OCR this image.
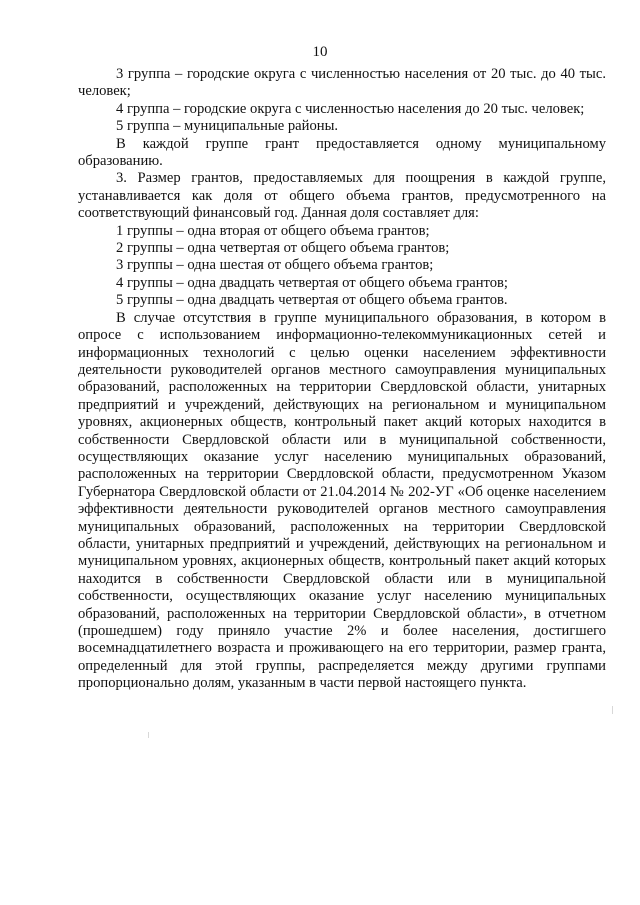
10

3 группа – городские округа с численностью населения от 20 тыс. до 40 тыс. человек;

4 группа – городские округа с численностью населения до 20 тыс. человек;

5 группа – муниципальные районы.

В каждой группе грант предоставляется одному муниципальному образованию.

3. Размер грантов, предоставляемых для поощрения в каждой группе, устанавливается как доля от общего объема грантов, предусмотренного на соответствующий финансовый год. Данная доля составляет для:

1 группы – одна вторая от общего объема грантов;

2 группы – одна четвертая от общего объема грантов;

3 группы – одна шестая от общего объема грантов;

4 группы – одна двадцать четвертая от общего объема грантов;

5 группы – одна двадцать четвертая от общего объема грантов.

В случае отсутствия в группе муниципального образования, в котором в опросе с использованием информационно-телекоммуникационных сетей и информационных технологий с целью оценки населением эффективности деятельности руководителей органов местного самоуправления муниципальных образований, расположенных на территории Свердловской области, унитарных предприятий и учреждений, действующих на региональном и муниципальном уровнях, акционерных обществ, контрольный пакет акций которых находится в собственности Свердловской области или в муниципальной собственности, осуществляющих оказание услуг населению муниципальных образований, расположенных на территории Свердловской области, предусмотренном Указом Губернатора Свердловской области от 21.04.2014 № 202-УГ «Об оценке населением эффективности деятельности руководителей органов местного самоуправления муниципальных образований, расположенных на территории Свердловской области, унитарных предприятий и учреждений, действующих на региональном и муниципальном уровнях, акционерных обществ, контрольный пакет акций которых находится в собственности Свердловской области или в муниципальной собственности, осуществляющих оказание услуг населению муниципальных образований, расположенных на территории Свердловской области», в отчетном (прошедшем) году приняло участие 2% и более населения, достигшего восемнадцатилетнего возраста и проживающего на его территории, размер гранта, определенный для этой группы, распределяется между другими группами пропорционально долям, указанным в части первой настоящего пункта.
